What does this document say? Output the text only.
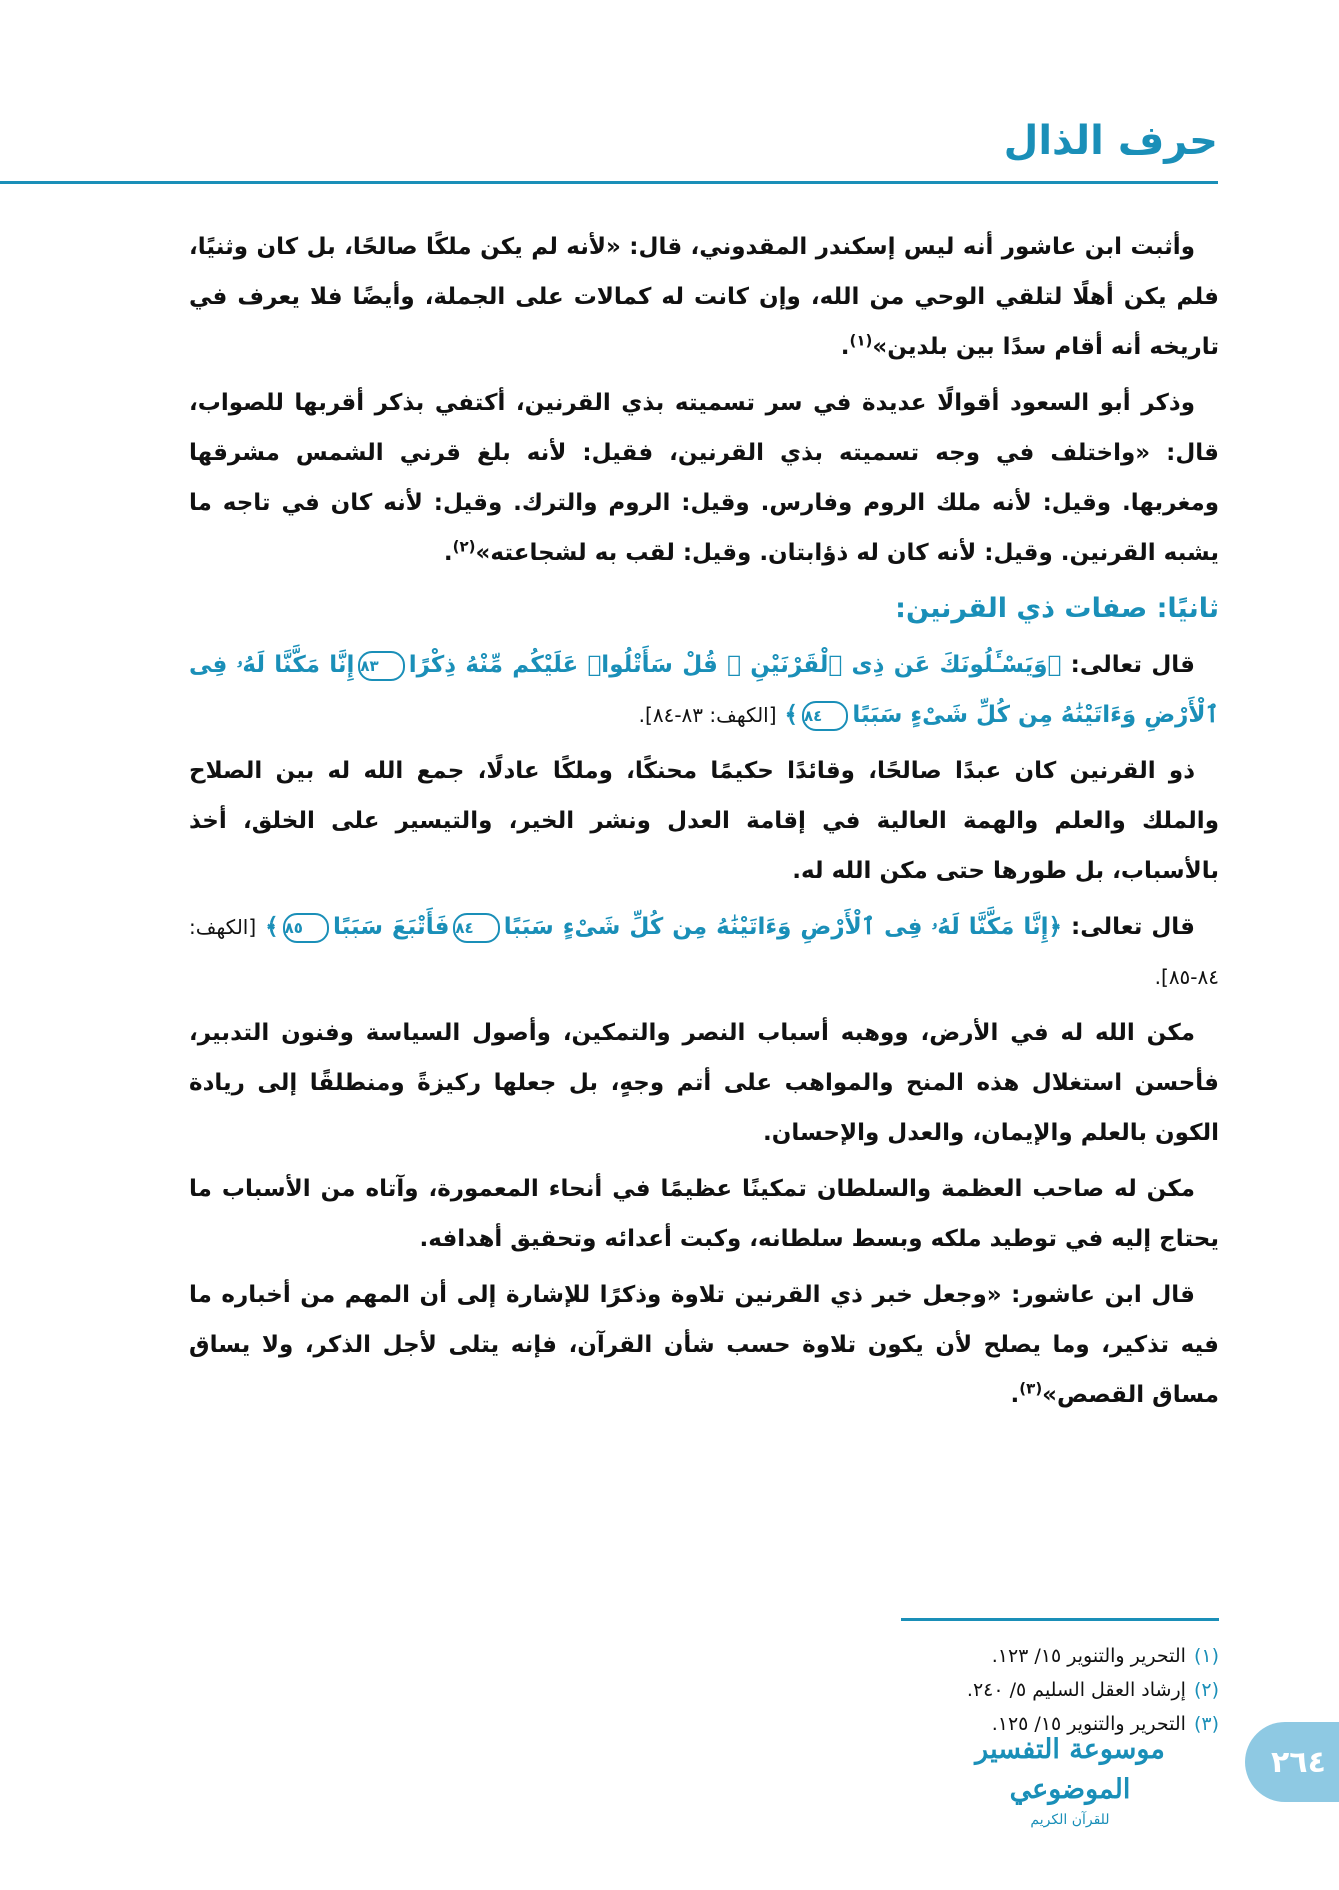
حرف الذال

وأثبت ابن عاشور أنه ليس إسكندر المقدوني، قال: «لأنه لم يكن ملكًا صالحًا، بل كان وثنيًا، فلم يكن أهلًا لتلقي الوحي من الله، وإن كانت له كمالات على الجملة، وأيضًا فلا يعرف في تاريخه أنه أقام سدًا بين بلدين»$^{(١)}$.

وذكر أبو السعود أقوالًا عديدة في سر تسميته بذي القرنين، أكتفي بذكر أقربها للصواب، قال: «واختلف في وجه تسميته بذي القرنين، فقيل: لأنه بلغ قرني الشمس مشرقها ومغربها. وقيل: لأنه ملك الروم وفارس. وقيل: الروم والترك. وقيل: لأنه كان في تاجه ما يشبه القرنين. وقيل: لأنه كان له ذؤابتان. وقيل: لقب به لشجاعته»$^{(٢)}$.

ثانيًا: صفات ذي القرنين:

قال تعالى: ﴿وَيَسْـَٔلُونَكَ عَن ذِى ٱلْقَرْنَيْنِ ۖ قُلْ سَأَتْلُوا۟ عَلَيْكُم مِّنْهُ ذِكْرًا٨٣إِنَّا مَكَّنَّا لَهُۥ فِى ٱلْأَرْضِ وَءَاتَيْنَٰهُ مِن كُلِّ شَىْءٍ سَبَبًا٨٤﴾ [الكهف: ٨٣-٨٤].

ذو القرنين كان عبدًا صالحًا، وقائدًا حكيمًا محنكًا، وملكًا عادلًا، جمع الله له بين الصلاح والملك والعلم والهمة العالية في إقامة العدل ونشر الخير، والتيسير على الخلق، أخذ بالأسباب، بل طورها حتى مكن الله له.

قال تعالى: ﴿إِنَّا مَكَّنَّا لَهُۥ فِى ٱلْأَرْضِ وَءَاتَيْنَٰهُ مِن كُلِّ شَىْءٍ سَبَبًا٨٤فَأَتْبَعَ سَبَبًا٨٥﴾ [الكهف: ٨٤-٨٥].

مكن الله له في الأرض، ووهبه أسباب النصر والتمكين، وأصول السياسة وفنون التدبير، فأحسن استغلال هذه المنح والمواهب على أتم وجهٍ، بل جعلها ركيزةً ومنطلقًا إلى ريادة الكون بالعلم والإيمان، والعدل والإحسان.

مكن له صاحب العظمة والسلطان تمكينًا عظيمًا في أنحاء المعمورة، وآتاه من الأسباب ما يحتاج إليه في توطيد ملكه وبسط سلطانه، وكبت أعدائه وتحقيق أهدافه.

قال ابن عاشور: «وجعل خبر ذي القرنين تلاوة وذكرًا للإشارة إلى أن المهم من أخباره ما فيه تذكير، وما يصلح لأن يكون تلاوة حسب شأن القرآن، فإنه يتلى لأجل الذكر، ولا يساق مساق القصص»$^{(٣)}$.

(١)التحرير والتنوير ١٥/ ١٢٣.
(٢)إرشاد العقل السليم ٥/ ٢٤٠.
(٣)التحرير والتنوير ١٥/ ١٢٥.
موسوعة التفسير الموضوعي
للقرآن الكريم
٢٦٤
